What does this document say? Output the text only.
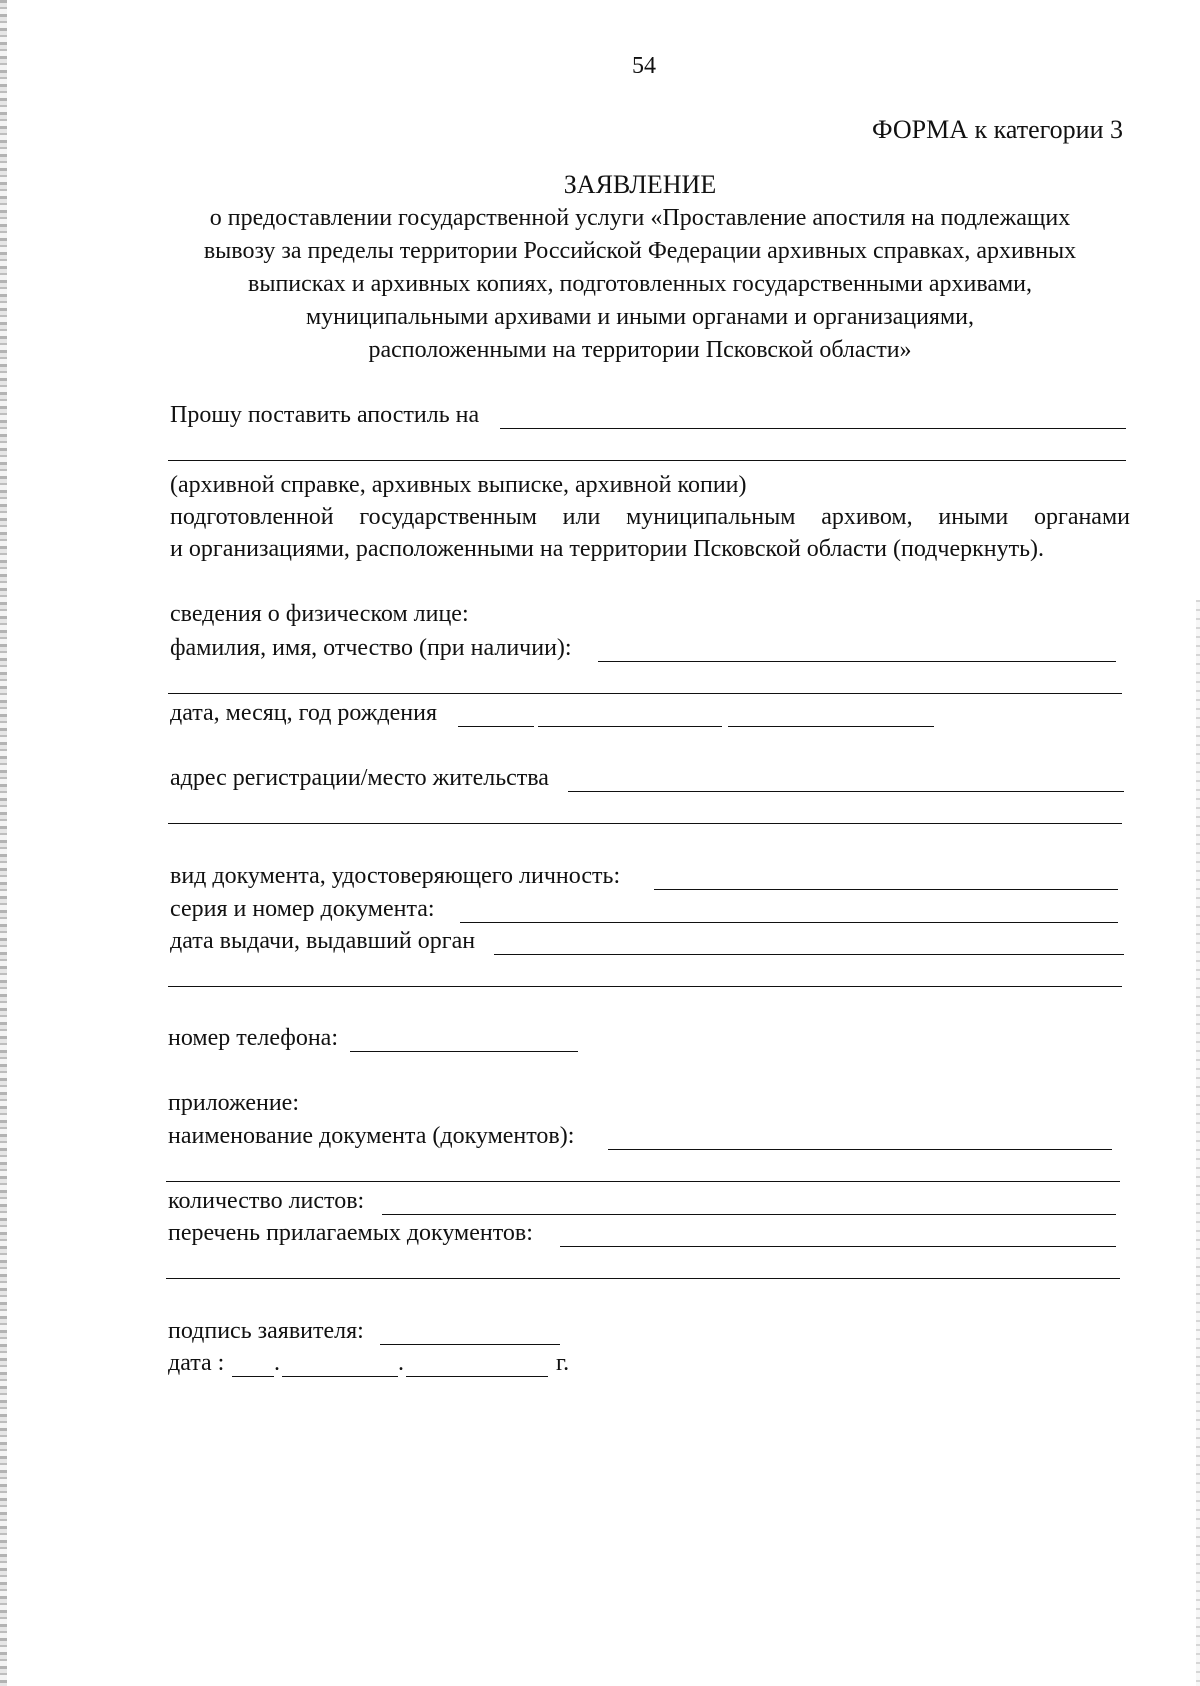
54
ФОРМА к категории 3
ЗАЯВЛЕНИЕ
о предоставлении государственной услуги «Проставление апостиля на подлежащих
вывозу за пределы территории Российской Федерации архивных справках, архивных
выписках и архивных копиях, подготовленных государственными архивами,
муниципальными архивами и иными органами и организациями,
расположенными на территории Псковской области»
Прошу поставить апостиль на
(архивной справке, архивных выписке, архивной копии)
подготовленной государственным или муниципальным архивом, иными органами
и организациями, расположенными на территории Псковской области (подчеркнуть).
сведения о физическом лице:
фамилия, имя, отчество (при наличии):
дата, месяц, год рождения
адрес регистрации/место жительства
вид документа, удостоверяющего личность:
серия и номер документа:
дата выдачи, выдавший орган
номер телефона:
приложение:
наименование документа (документов):
количество листов:
перечень прилагаемых документов:
подпись заявителя:
дата : .	.	г.
